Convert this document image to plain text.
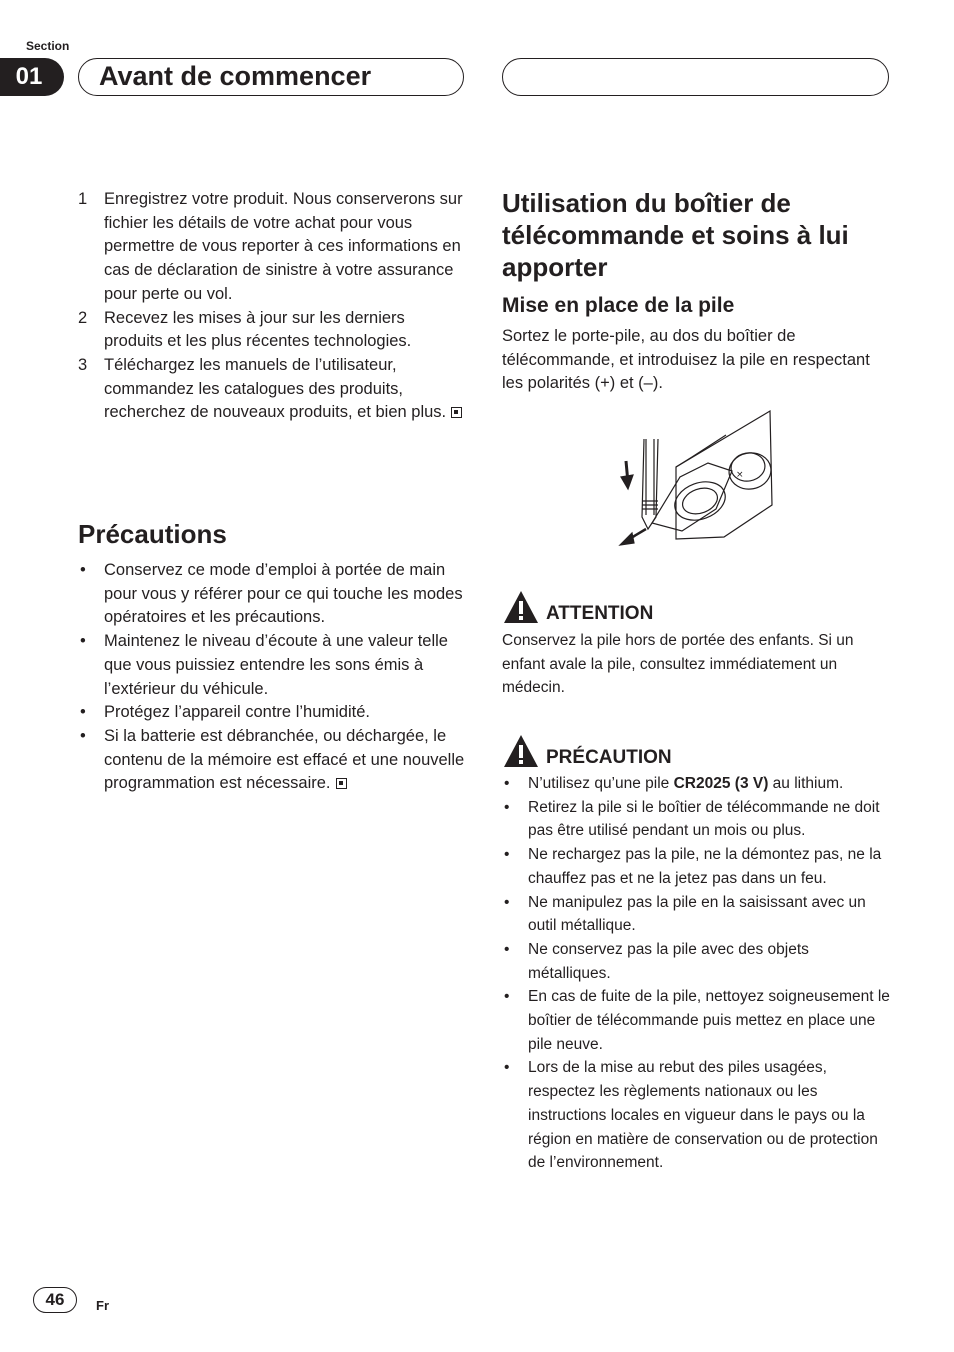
Section
01	Avant de commencer
1 Enregistrez votre produit. Nous conserverons sur fichier les détails de votre achat pour vous permettre de vous reporter à ces informations en cas de déclaration de sinistre à votre assurance pour perte ou vol.
2 Recevez les mises à jour sur les derniers produits et les plus récentes technologies.
3 Téléchargez les manuels de l’utilisateur, commandez les catalogues des produits, recherchez de nouveaux produits, et bien plus.
Précautions
• Conservez ce mode d’emploi à portée de main pour vous y référer pour ce qui touche les modes opératoires et les précautions.
• Maintenez le niveau d’écoute à une valeur telle que vous puissiez entendre les sons émis à l’extérieur du véhicule.
• Protégez l’appareil contre l’humidité.
• Si la batterie est débranchée, ou déchargée, le contenu de la mémoire est effacé et une nouvelle programmation est nécessaire.
Utilisation du boîtier de télécommande et soins à lui apporter
Mise en place de la pile
Sortez le porte-pile, au dos du boîtier de télécommande, et introduisez la pile en respectant les polarités (+) et (–).
×
ATTENTION
Conservez la pile hors de portée des enfants. Si un enfant avale la pile, consultez immédiatement un médecin.
PRÉCAUTION
• N’utilisez qu’une pile CR2025 (3 V) au lithium.
• Retirez la pile si le boîtier de télécommande ne doit pas être utilisé pendant un mois ou plus.
• Ne rechargez pas la pile, ne la démontez pas, ne la chauffez pas et ne la jetez pas dans un feu.
• Ne manipulez pas la pile en la saisissant avec un outil métallique.
• Ne conservez pas la pile avec des objets métalliques.
• En cas de fuite de la pile, nettoyez soigneusement le boîtier de télécommande puis mettez en place une pile neuve.
• Lors de la mise au rebut des piles usagées, respectez les règlements nationaux ou les instructions locales en vigueur dans le pays ou la région en matière de conservation ou de protection de l’environnement.
46	Fr
